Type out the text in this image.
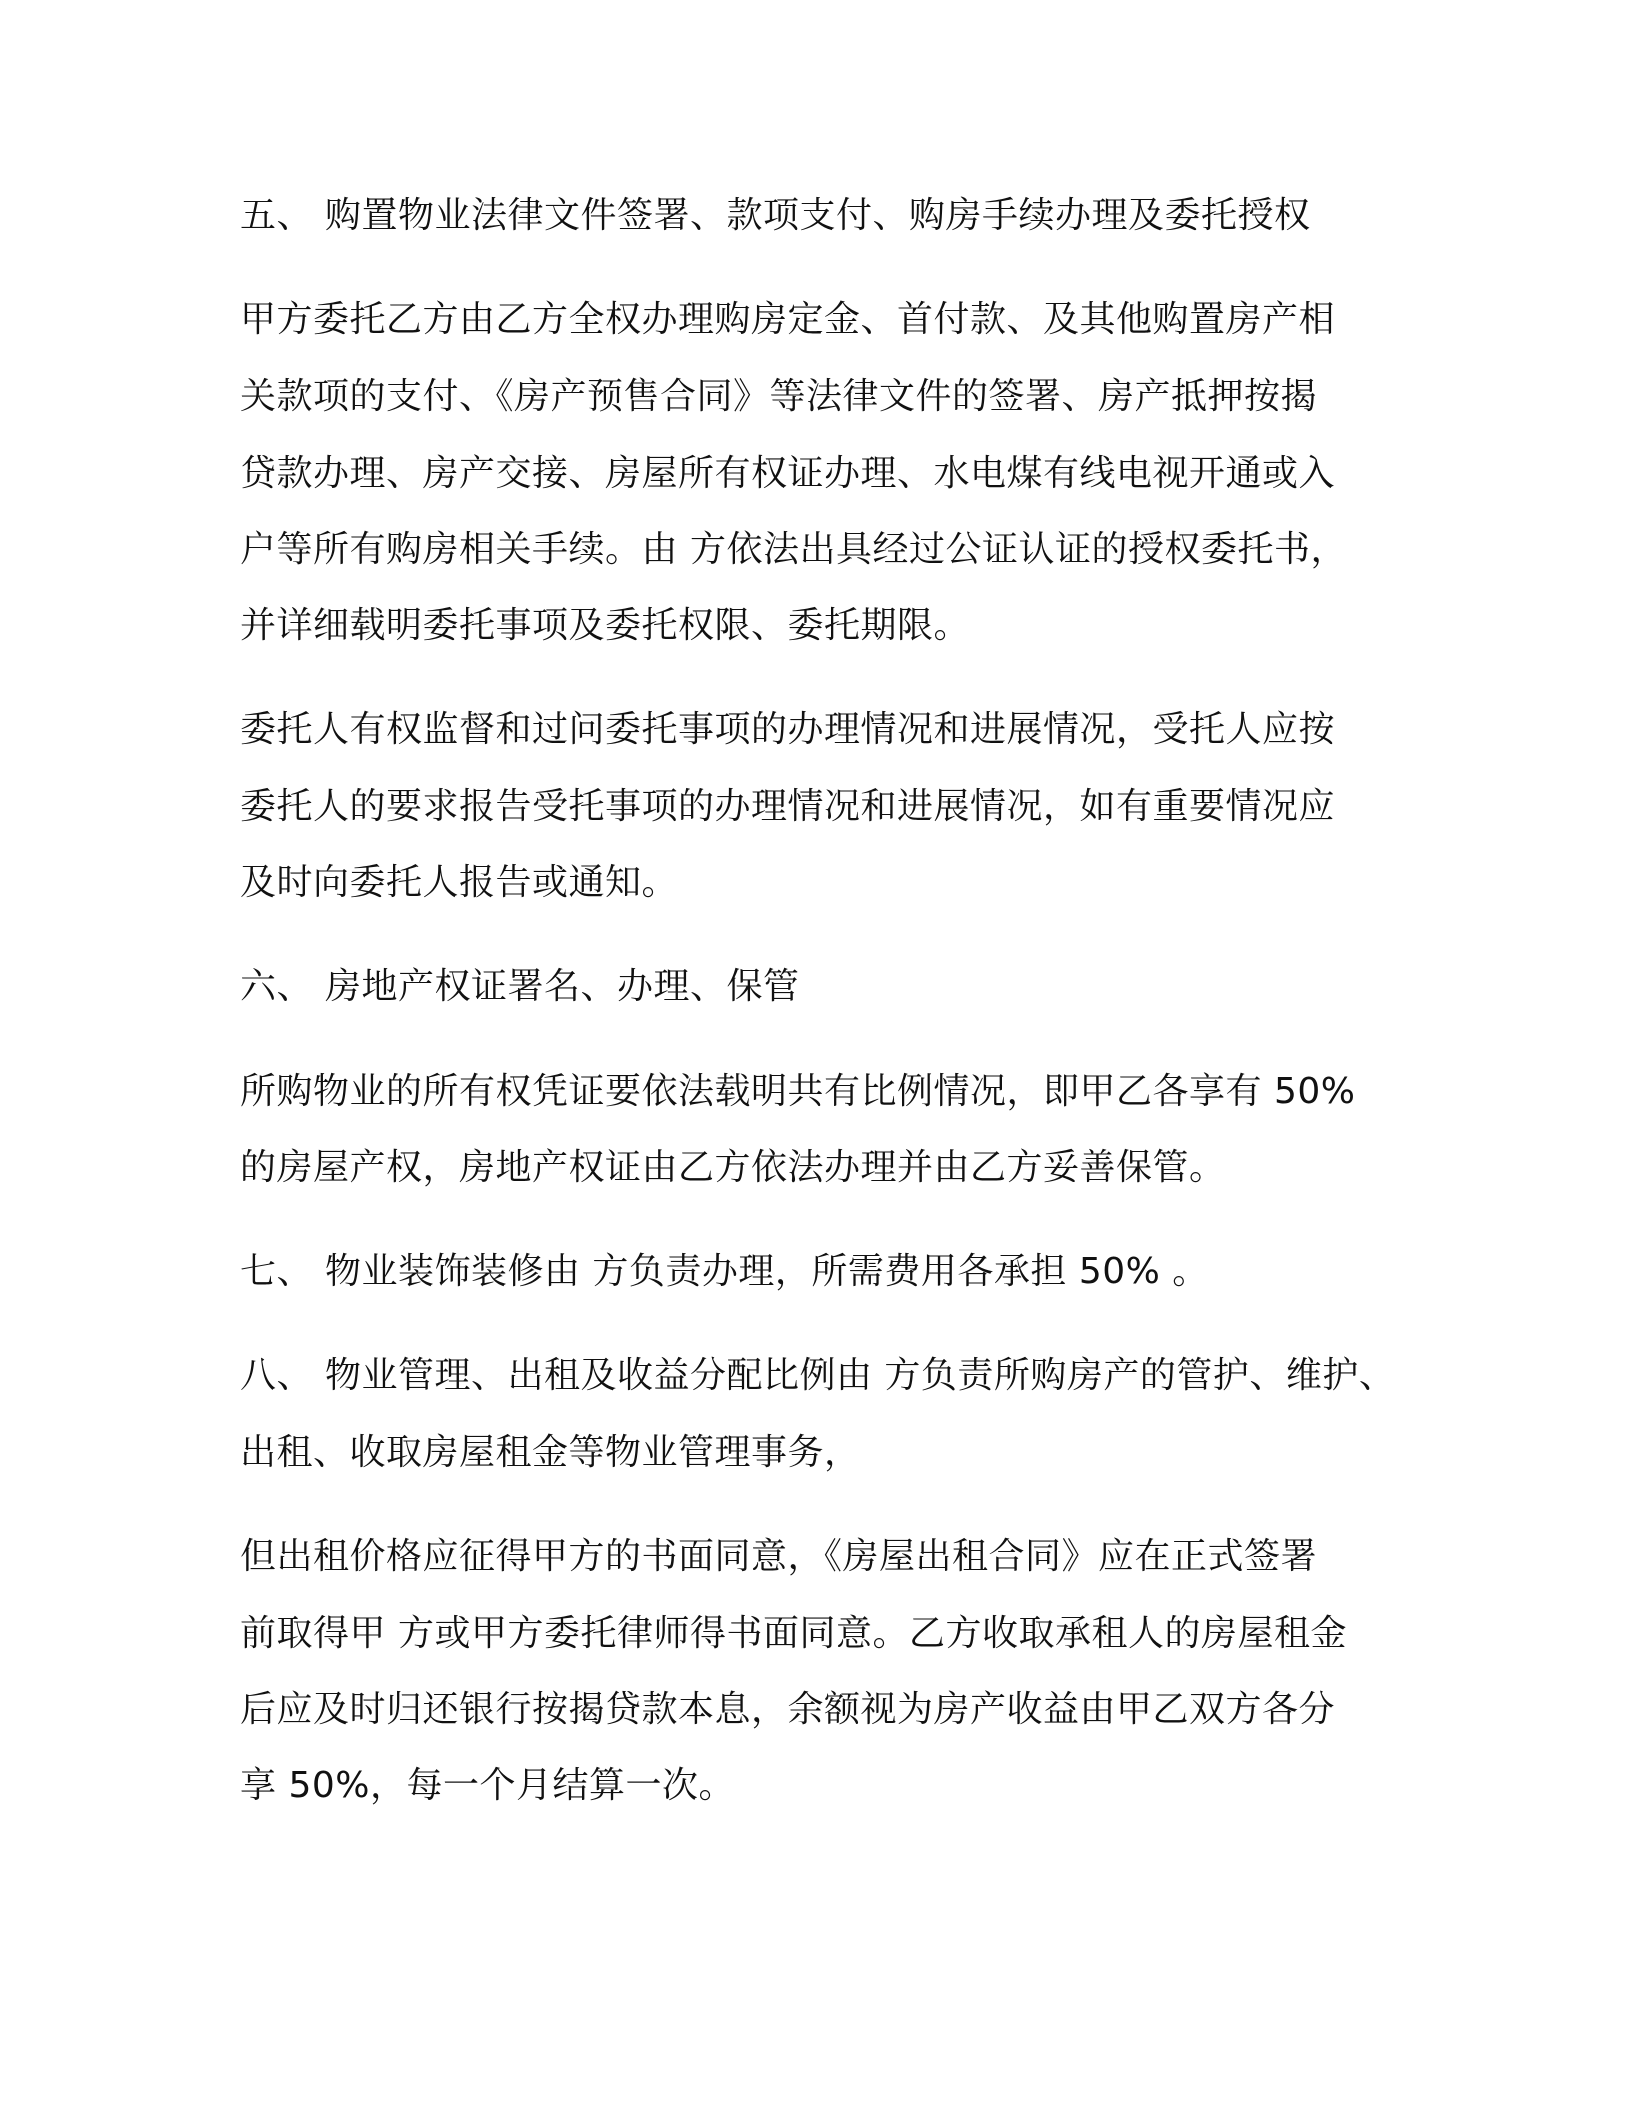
五、 购置物业法律文件签署、款项支付、购房手续办理及委托授权
甲方委托乙方由乙方全权办理购房定金、首付款、及其他购置房产相
关款项的支付、《房产预售合同》等法律文件的签署、房产抵押按揭
贷款办理、房产交接、房屋所有权证办理、水电煤有线电视开通或入
户等所有购房相关手续。由 方依法出具经过公证认证的授权委托书，
并详细载明委托事项及委托权限、委托期限。
委托人有权监督和过问委托事项的办理情况和进展情况，受托人应按
委托人的要求报告受托事项的办理情况和进展情况，如有重要情况应
及时向委托人报告或通知。
六、 房地产权证署名、办理、保管
所购物业的所有权凭证要依法载明共有比例情况，即甲乙各享有 50%
的房屋产权，房地产权证由乙方依法办理并由乙方妥善保管。
七、 物业装饰装修由 方负责办理，所需费用各承担 50% 。
八、 物业管理、出租及收益分配比例由 方负责所购房产的管护、维护、
出租、收取房屋租金等物业管理事务，
但出租价格应征得甲方的书面同意，《房屋出租合同》应在正式签署
前取得甲 方或甲方委托律师得书面同意。乙方收取承租人的房屋租金
后应及时归还银行按揭贷款本息，余额视为房产收益由甲乙双方各分
享 50%，每一个月结算一次。
